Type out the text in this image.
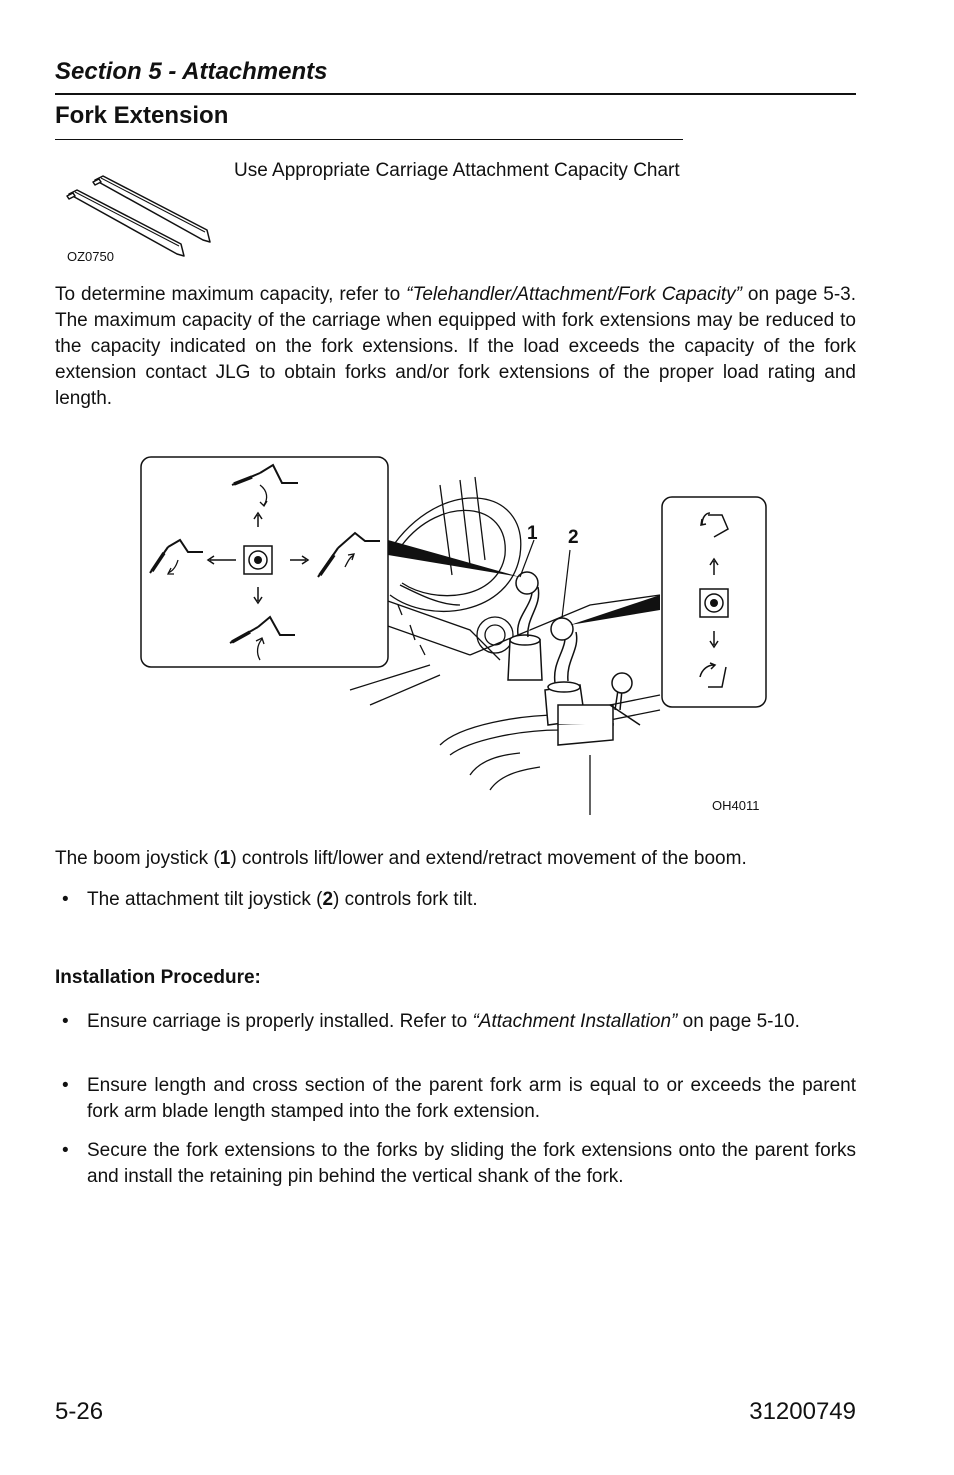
Section 5 - Attachments
Fork Extension
OZ0750
Use Appropriate Carriage Attachment Capacity Chart

To determine maximum capacity, refer to “Telehandler/Attachment/Fork Capacity” on page 5-3. The maximum capacity of the carriage when equipped with fork extensions may be reduced to the capacity indicated on the fork extensions. If the load exceeds the capacity of the fork extension contact JLG to obtain forks and/or fork extensions of the proper load rating and length.

1 2
OH4011

The boom joystick (1) controls lift/lower and extend/retract movement of the boom.

• The attachment tilt joystick (2) controls fork tilt.
Installation Procedure:
• Ensure carriage is properly installed. Refer to “Attachment Installation” on page 5-10.
• Ensure length and cross section of the parent fork arm is equal to or exceeds the parent fork arm blade length stamped into the fork extension.
• Secure the fork extensions to the forks by sliding the fork extensions onto the parent forks and install the retaining pin behind the vertical shank of the fork.
5-26	31200749
